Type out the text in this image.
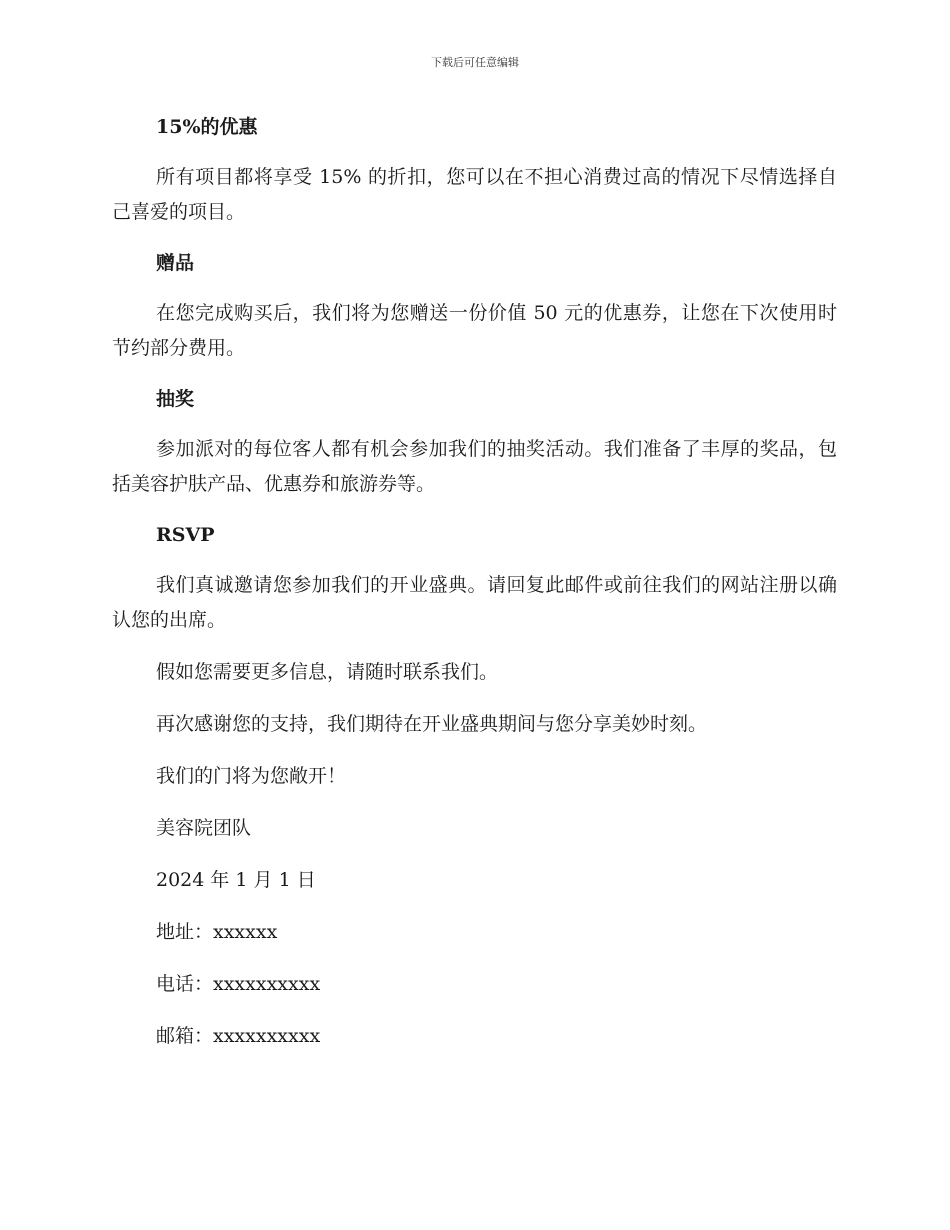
下载后可任意编辑

15%的优惠

所有项目都将享受 15% 的折扣，您可以在不担心消费过高的情况下尽情选择自己喜爱的项目。

赠品

在您完成购买后，我们将为您赠送一份价值 50 元的优惠券，让您在下次使用时节约部分费用。

抽奖

参加派对的每位客人都有机会参加我们的抽奖活动。我们准备了丰厚的奖品，包括美容护肤产品、优惠券和旅游券等。

RSVP

我们真诚邀请您参加我们的开业盛典。请回复此邮件或前往我们的网站注册以确认您的出席。

假如您需要更多信息，请随时联系我们。

再次感谢您的支持，我们期待在开业盛典期间与您分享美妙时刻。

我们的门将为您敞开！

美容院团队

2024 年 1 月 1 日

地址：xxxxxx

电话：xxxxxxxxxx

邮箱：xxxxxxxxxx
